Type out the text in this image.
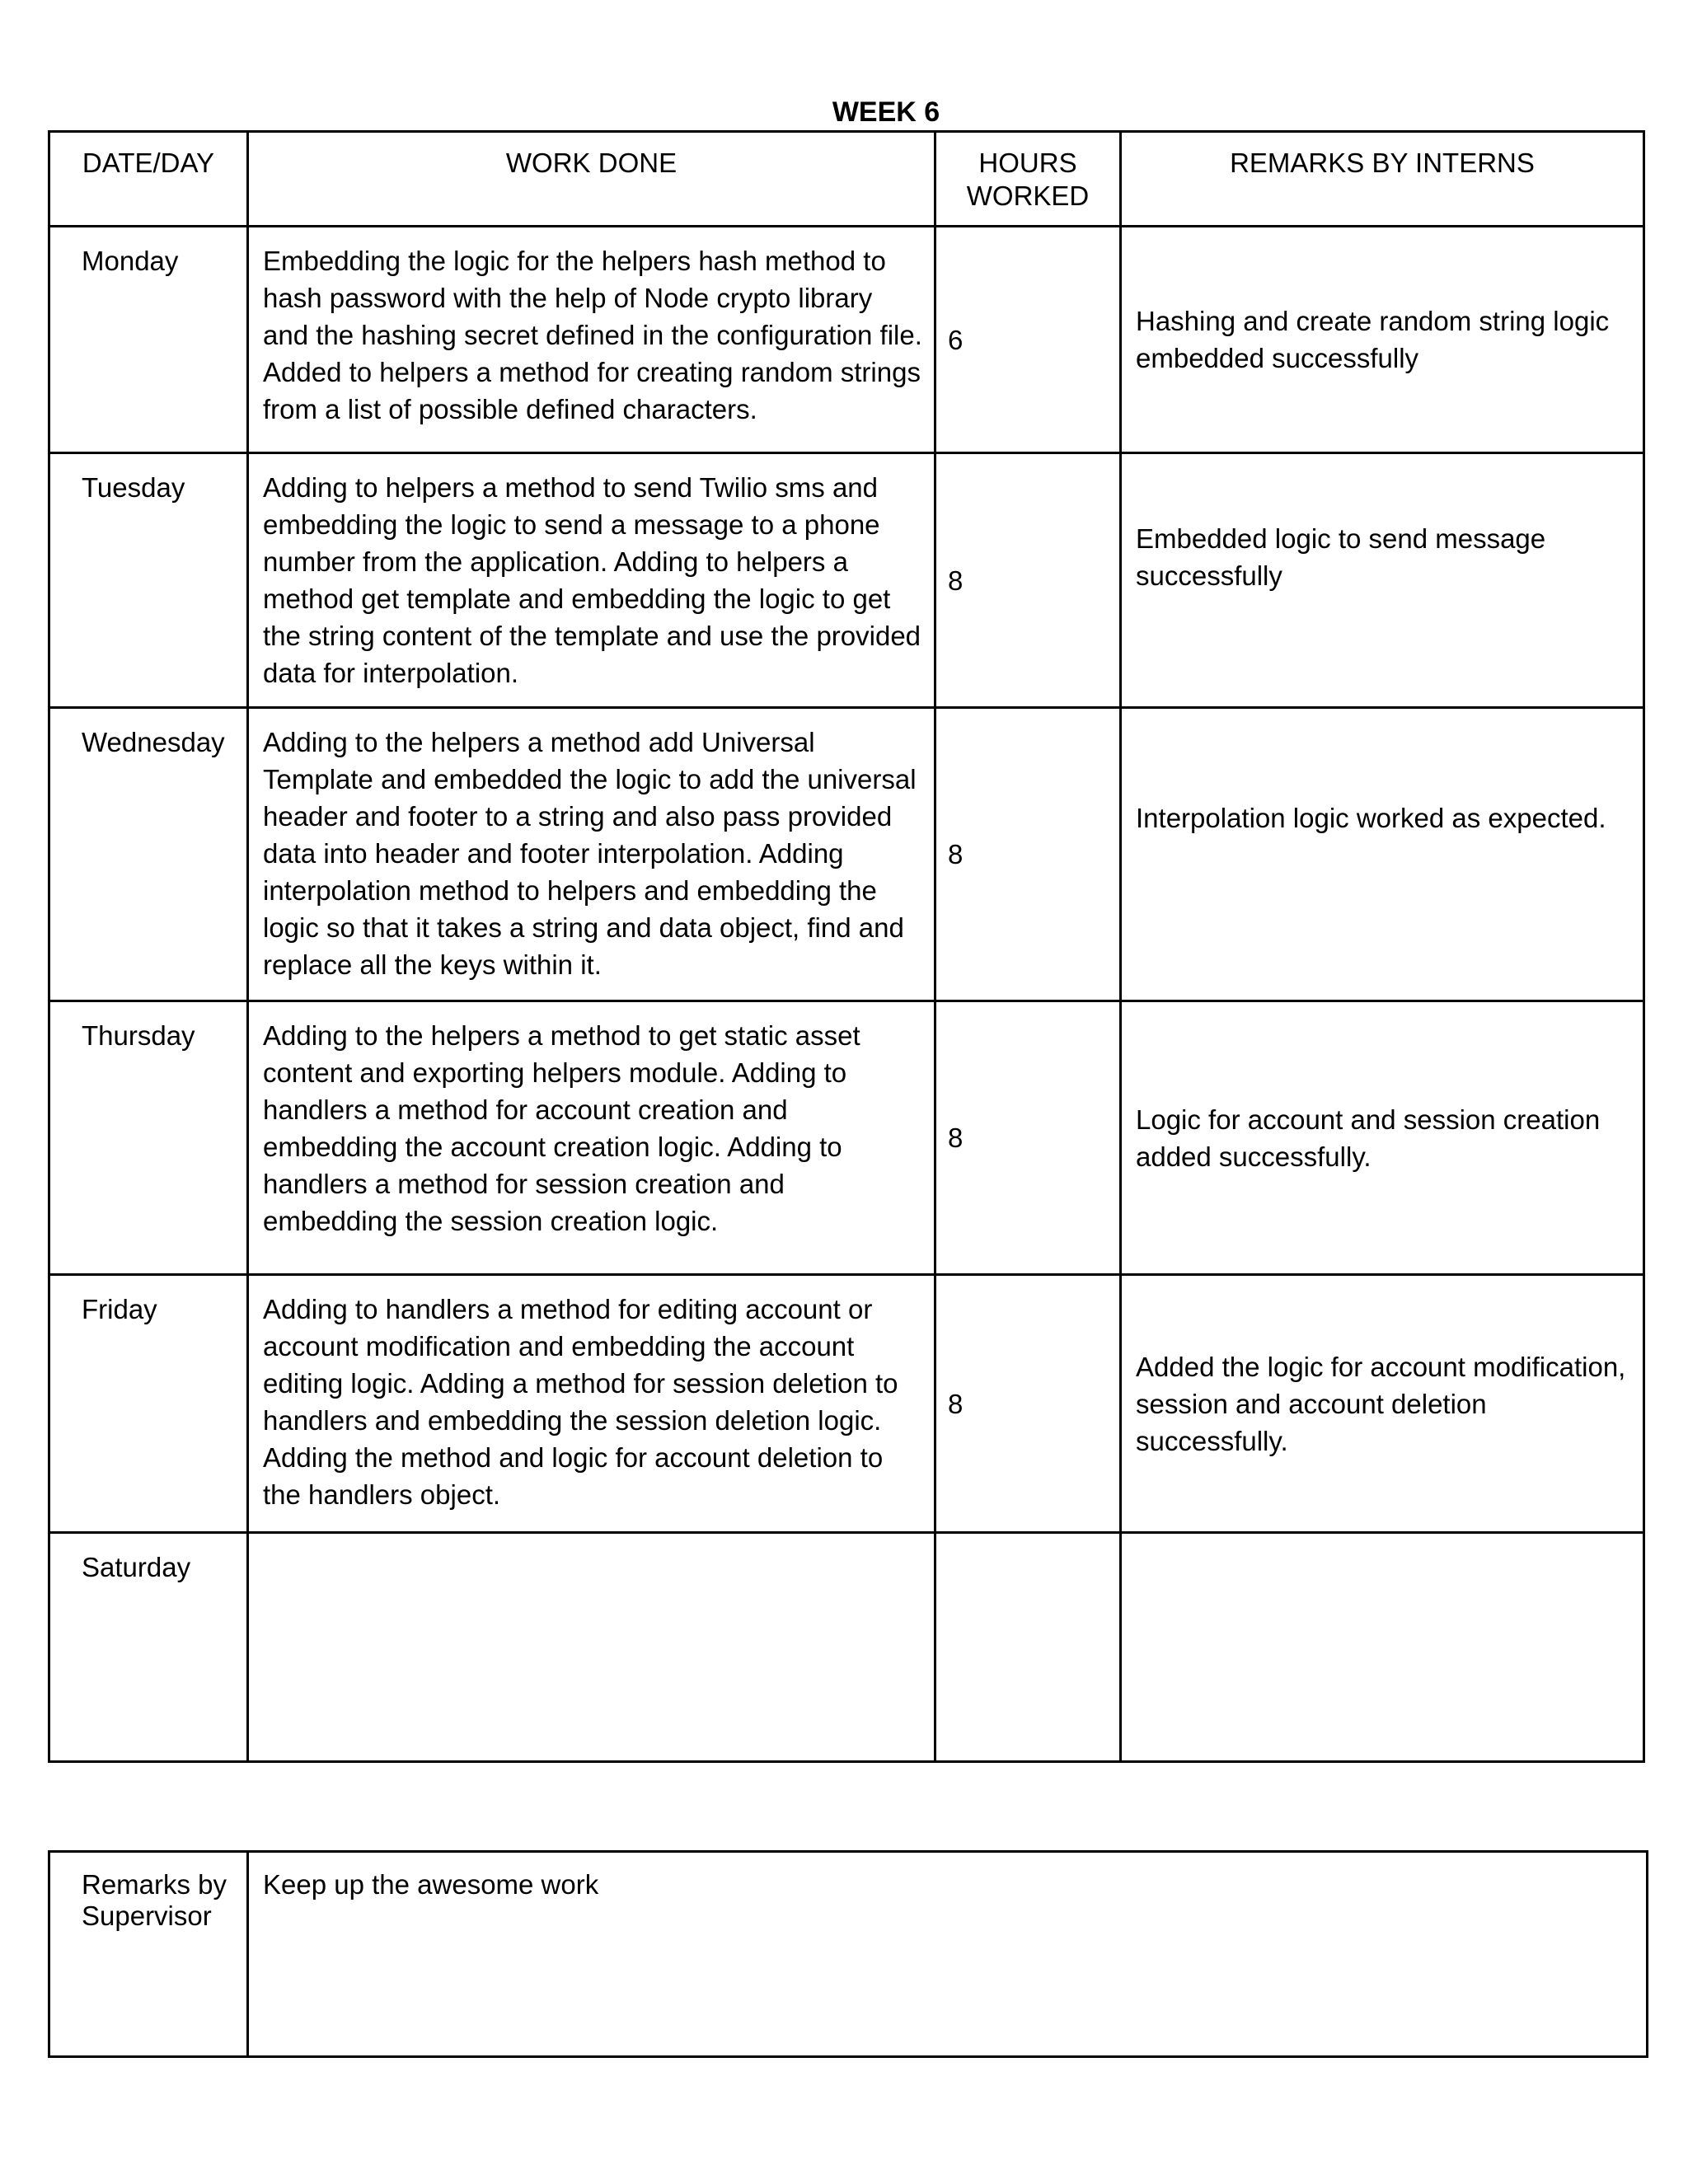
WEEK 6
DATE/DAY	WORK DONE	HOURS WORKED	REMARKS BY INTERNS
Monday	Embedding the logic for the helpers hash method to hash password with the help of Node crypto library and the hashing secret defined in the configuration file. Added to helpers a method for creating random strings from a list of possible defined characters.	6	Hashing and create random string logic embedded successfully
Tuesday	Adding to helpers a method to send Twilio sms and embedding the logic to send a message to a phone number from the application. Adding to helpers a method get template and embedding the logic to get the string content of the template and use the provided data for interpolation.	8	Embedded logic to send message successfully
Wednesday	Adding to the helpers a method add Universal Template and embedded the logic to add the universal header and footer to a string and also pass provided data into header and footer interpolation. Adding interpolation method to helpers and embedding the logic so that it takes a string and data object, find and replace all the keys within it.	8	Interpolation logic worked as expected.
Thursday	Adding to the helpers a method to get static asset content and exporting helpers module. Adding to handlers a method for account creation and embedding the account creation logic. Adding to handlers a method for session creation and embedding the session creation logic.	8	Logic for account and session creation added successfully.
Friday	Adding to handlers a method for editing account or account modification and embedding the account editing logic. Adding a method for session deletion to handlers and embedding the session deletion logic. Adding the method and logic for account deletion to the handlers object.	8	Added the logic for account modification, session and account deletion successfully.
Saturday			
Remarks by Supervisor	Keep up the awesome work
